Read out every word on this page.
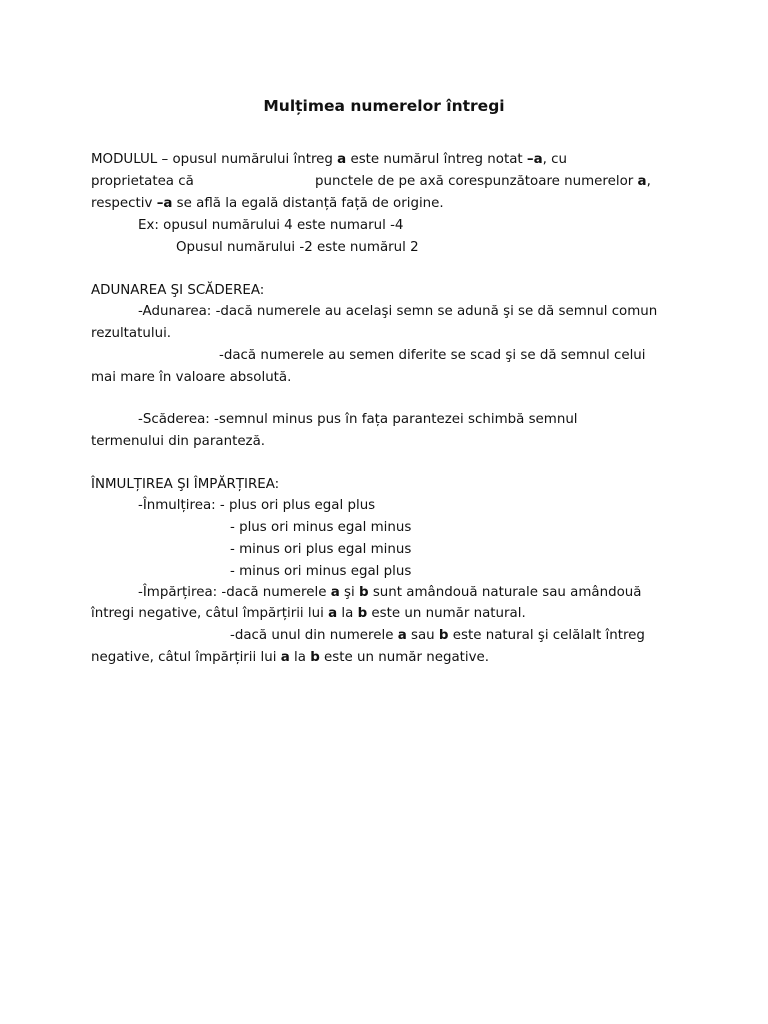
Mulțimea numerelor întregi
MODULUL – opusul numărului întreg a este numărul întreg notat –a, cu
proprietatea că	punctele de pe axă corespunzătoare numerelor a,
respectiv –a se află la egală distanță față de origine.
Ex: opusul numărului 4 este numarul -4
Opusul numărului -2 este numărul 2
ADUNAREA ŞI SCĂDEREA:
-Adunarea: -dacă numerele au acelaşi semn se adună şi se dă semnul comun
rezultatului.
-dacă numerele au semen diferite se scad şi se dă semnul celui
mai mare în valoare absolută.
-Scăderea: -semnul minus pus în fața parantezei schimbă semnul
termenului din paranteză.
ÎNMULȚIREA ŞI ÎMPĂRȚIREA:
-Înmulțirea: - plus ori plus egal plus
- plus ori minus egal minus
- minus ori plus egal minus
- minus ori minus egal plus
-Împărțirea: -dacă numerele a şi b sunt amândouă naturale sau amândouă
întregi negative, câtul împărțirii lui a la b este un număr natural.
-dacă unul din numerele a sau b este natural şi celălalt întreg
negative, câtul împărțirii lui a la b este un număr negative.
